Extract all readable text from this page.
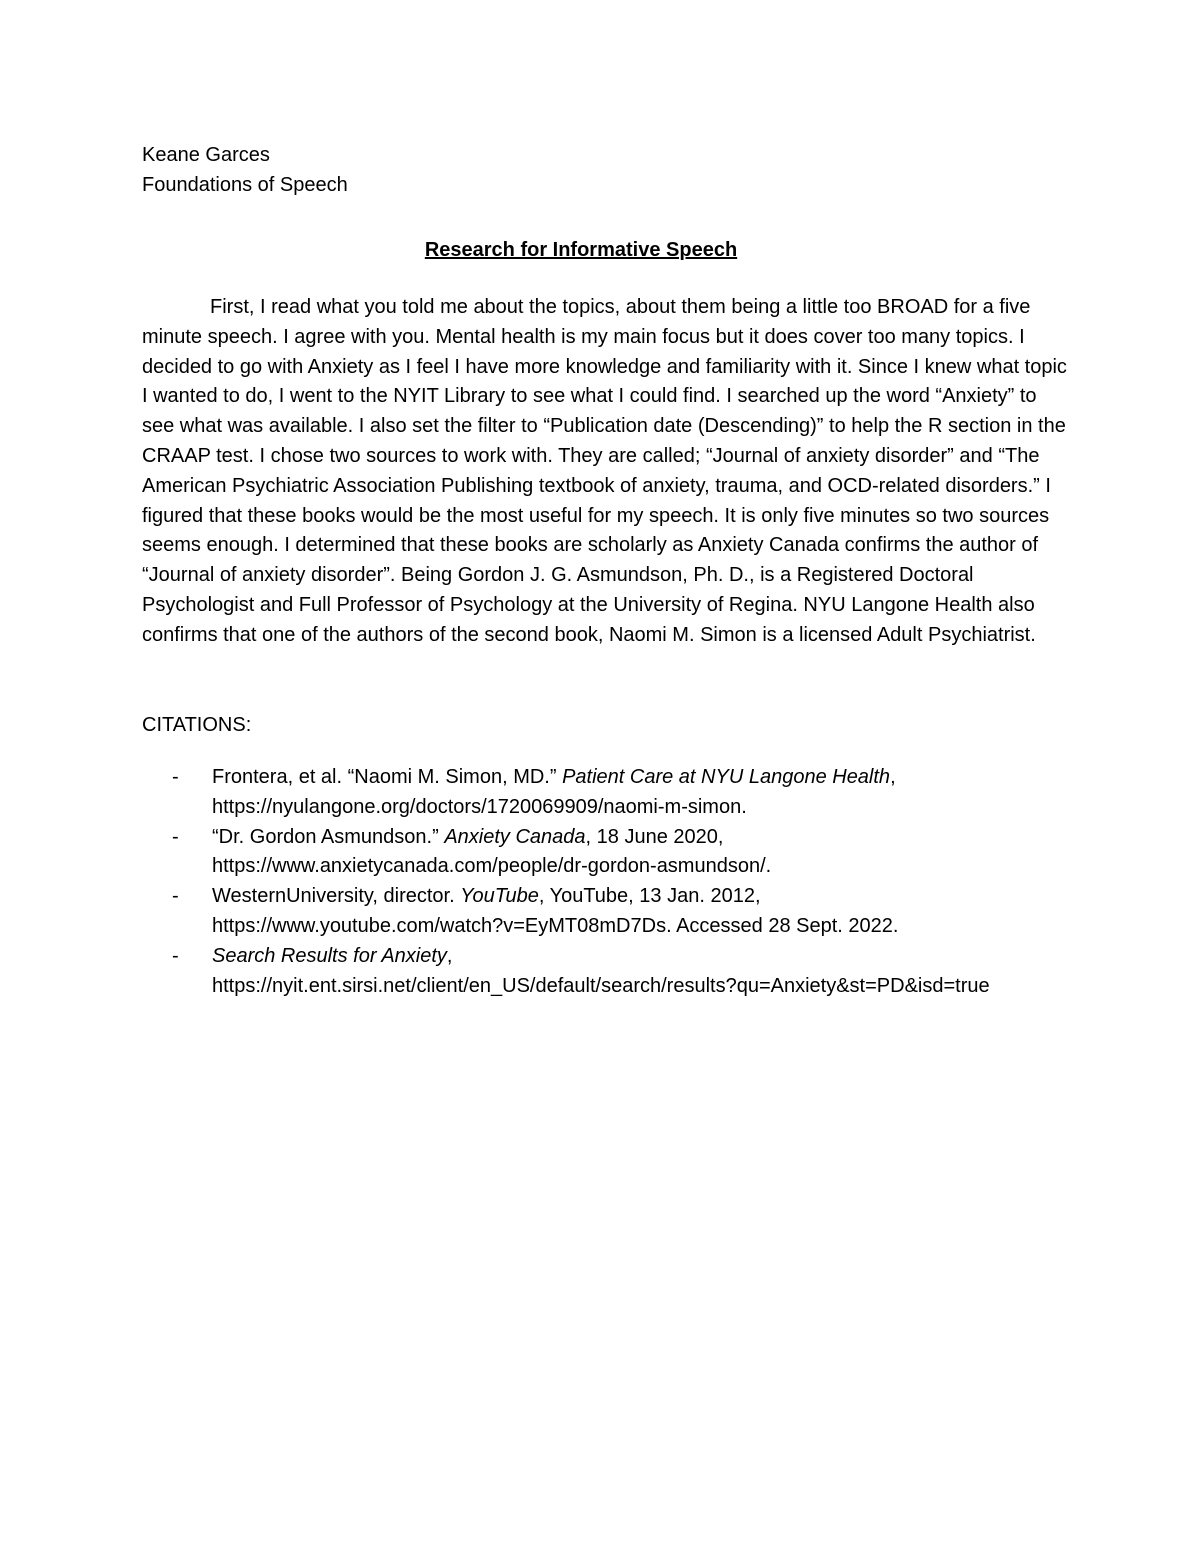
Keane Garces
Foundations of Speech
Research for Informative Speech
First, I read what you told me about the topics, about them being a little too BROAD for a five minute speech. I agree with you. Mental health is my main focus but it does cover too many topics. I decided to go with Anxiety as I feel I have more knowledge and familiarity with it. Since I knew what topic I wanted to do, I went to the NYIT Library to see what I could find. I searched up the word “Anxiety” to see what was available. I also set the filter to “Publication date (Descending)” to help the R section in the CRAAP test. I chose two sources to work with. They are called; “Journal of anxiety disorder” and “The American Psychiatric Association Publishing textbook of anxiety, trauma, and OCD-related disorders.” I figured that these books would be the most useful for my speech. It is only five minutes so two sources seems enough. I determined that these books are scholarly as Anxiety Canada confirms the author of “Journal of anxiety disorder”. Being Gordon J. G. Asmundson, Ph. D., is a Registered Doctoral Psychologist and Full Professor of Psychology at the University of Regina. NYU Langone Health also confirms that one of the authors of the second book, Naomi M. Simon is a licensed Adult Psychiatrist.
CITATIONS:
- Frontera, et al. “Naomi M. Simon, MD.” Patient Care at NYU Langone Health,
https://nyulangone.org/doctors/1720069909/naomi-m-simon.
- “Dr. Gordon Asmundson.” Anxiety Canada, 18 June 2020,
https://www.anxietycanada.com/people/dr-gordon-asmundson/.
- WesternUniversity, director. YouTube, YouTube, 13 Jan. 2012,
https://www.youtube.com/watch?v=EyMT08mD7Ds. Accessed 28 Sept. 2022.
- Search Results for Anxiety,
https://nyit.ent.sirsi.net/client/en_US/default/search/results?qu=Anxiety&st=PD&isd=true
